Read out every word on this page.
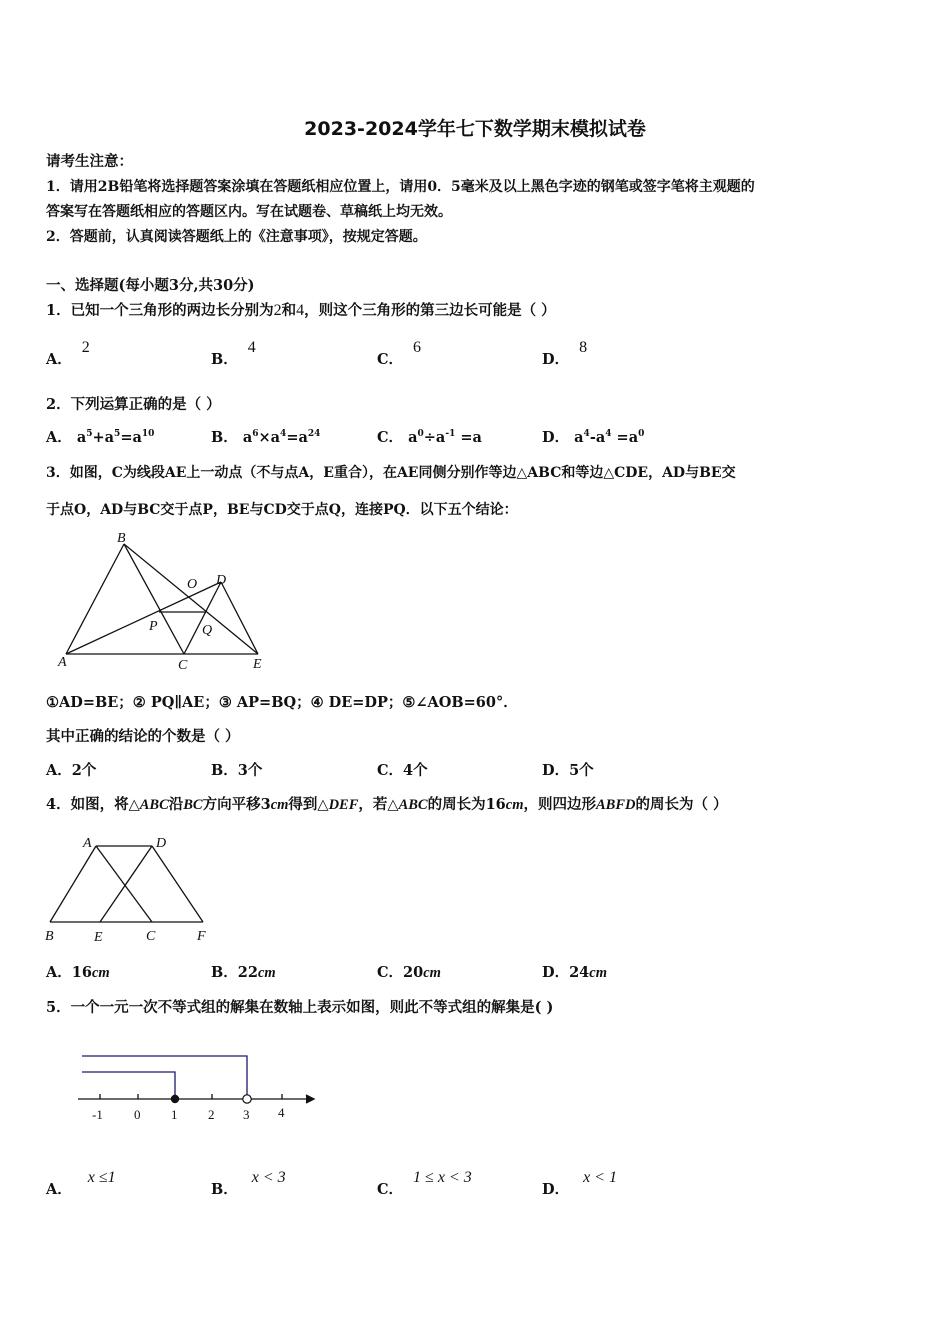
2023-2024学年七下数学期末模拟试卷
请考生注意：
1．请用2B铅笔将选择题答案涂填在答题纸相应位置上，请用0．5毫米及以上黑色字迹的钢笔或签字笔将主观题的
答案写在答题纸相应的答题区内。写在试题卷、草稿纸上均无效。
2．答题前，认真阅读答题纸上的《注意事项》，按规定答题。
一、选择题(每小题3分,共30分)
1．已知一个三角形的两边长分别为2和4，则这个三角形的第三边长可能是（ ）
A．2
B．4
C．6
D．8
2．下列运算正确的是（ ）
A． $a^5+a^5=a^{10}$	B． $a^6\times a^4=a^{24}$	C． $a^0\div a^{-1} =a$	D． $a^4-a^4 =a^0$
3．如图，C为线段AE上一动点（不与点A，E重合），在AE同侧分别作等边△ABC和等边△CDE，AD与BE交
于点O，AD与BC交于点P，BE与CD交于点Q，连接PQ．以下五个结论：
B
O D
P	Q
A	C	E
①AD=BE；② PQ∥AE；③ AP=BQ；④ DE=DP；⑤∠AOB=60°．
其中正确的结论的个数是（ ）
A．2个	B．3个	C．4个	D．5个
4．如图，将△ABC沿BC方向平移3cm得到△DEF，若△ABC的周长为16cm，则四边形ABFD的周长为（ ）
A	D
B	E	C	F
A．16cm	B．22cm	C．20cm	D．24cm
5．一个一元一次不等式组的解集在数轴上表示如图，则此不等式组的解集是( )
-1 0 1 2 3 4
A．x ≤1
B．x < 3
C．1 ≤ x < 3
D．x < 1
